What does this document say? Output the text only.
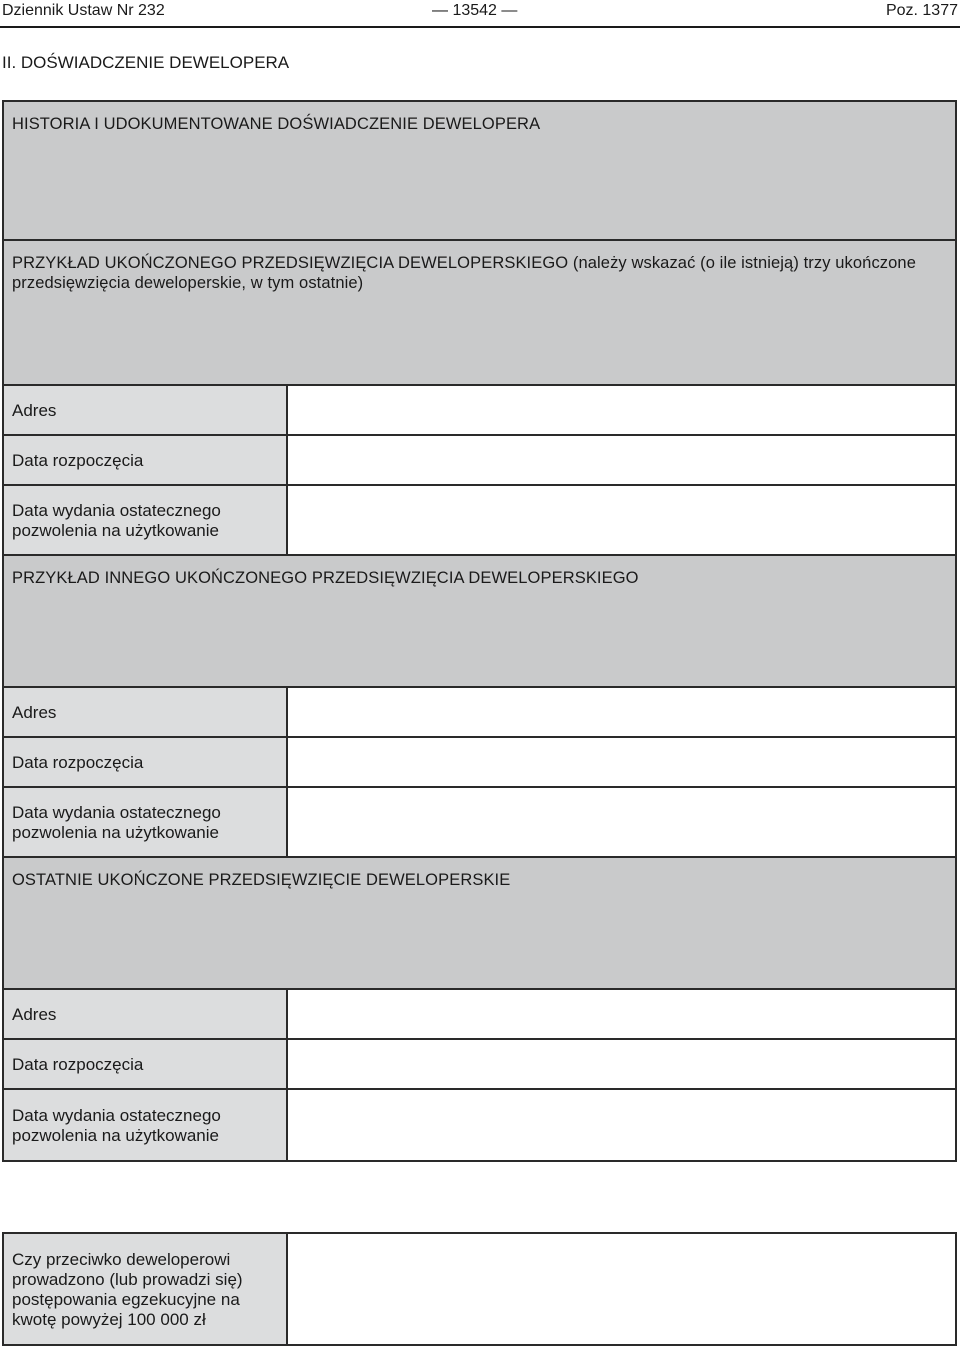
Dziennik Ustaw Nr 232	— 13542 —	Poz. 1377
II. DOŚWIADCZENIE DEWELOPERA
HISTORIA I UDOKUMENTOWANE DOŚWIADCZENIE DEWELOPERA	
PRZYKŁAD UKOŃCZONEGO PRZEDSIĘWZIĘCIA DEWELOPERSKIEGO (należy wskazać (o ile istnieją) trzy ukończone przedsięwzięcia deweloperskie, w tym ostatnie)	
Adres	
Data rozpoczęcia	

Data wydania ostatecznego
pozwolenia na użytkowanie	

PRZYKŁAD INNEGO UKOŃCZONEGO PRZEDSIĘWZIĘCIA DEWELOPERSKIEGO	
Adres	
Data rozpoczęcia	

Data wydania ostatecznego
pozwolenia na użytkowanie	

OSTATNIE UKOŃCZONE PRZEDSIĘWZIĘCIE DEWELOPERSKIE	
Adres	
Data rozpoczęcia	

Data wydania ostatecznego
pozwolenia na użytkowanie	

Czy przeciwko deweloperowi
prowadzono (lub prowadzi się)
postępowania egzekucyjne na
kwotę powyżej 100 000 zł
